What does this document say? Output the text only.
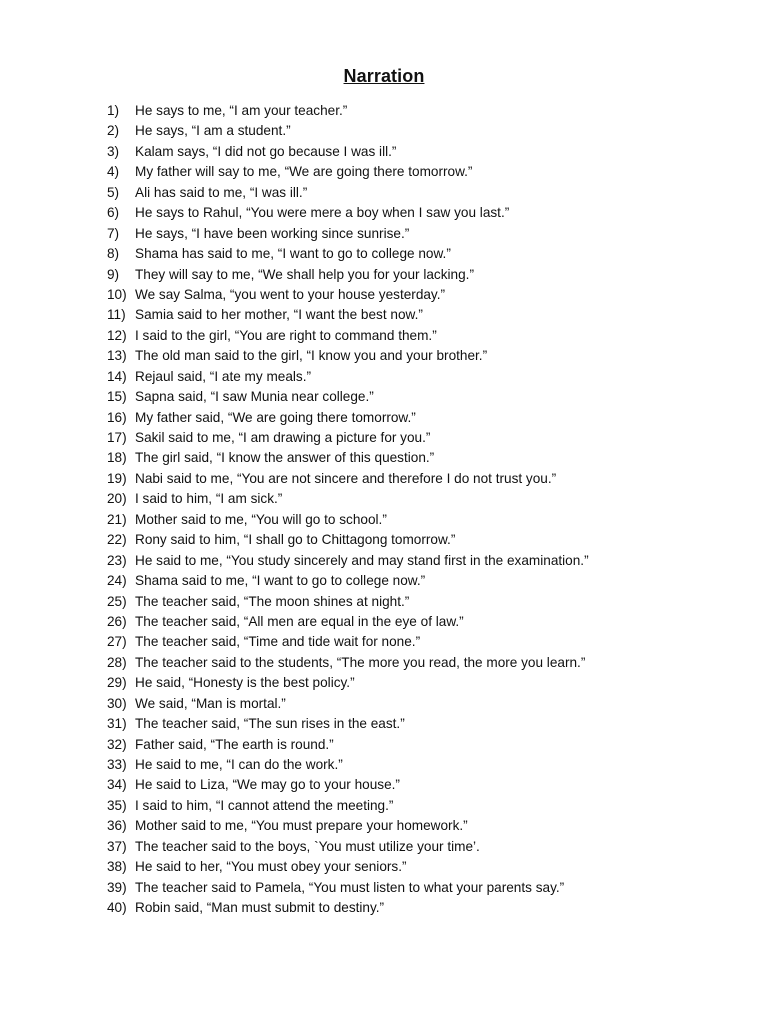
Narration
1) He says to me, “I am your teacher.”
2) He says, “I am a student.”
3) Kalam says, “I did not go because I was ill.”
4) My father will say to me, “We are going there tomorrow.”
5) Ali has said to me, “I was ill.”
6) He says to Rahul, “You were mere a boy when I saw you last.”
7) He says, “I have been working since sunrise.”
8) Shama has said to me, “I want to go to college now.”
9) They will say to me, “We shall help you for your lacking.”
10) We say Salma, “you went to your house yesterday.”
11) Samia said to her mother, “I want the best now.”
12) I said to the girl, “You are right to command them.”
13) The old man said to the girl, “I know you and your brother.”
14) Rejaul said, “I ate my meals.”
15) Sapna said, “I saw Munia near college.”
16) My father said, “We are going there tomorrow.”
17) Sakil said to me, “I am drawing a picture for you.”
18) The girl said, “I know the answer of this question.”
19) Nabi said to me, “You are not sincere and therefore I do not trust you.”
20) I said to him, “I am sick.”
21) Mother said to me, “You will go to school.”
22) Rony said to him, “I shall go to Chittagong tomorrow.”
23) He said to me, “You study sincerely and may stand first in the examination.”
24) Shama said to me, “I want to go to college now.”
25) The teacher said, “The moon shines at night.”
26) The teacher said, “All men are equal in the eye of law.”
27) The teacher said, “Time and tide wait for none.”
28) The teacher said to the students, “The more you read, the more you learn.”
29) He said, “Honesty is the best policy.”
30) We said, “Man is mortal.”
31) The teacher said, “The sun rises in the east.”
32) Father said, “The earth is round.”
33) He said to me, “I can do the work.”
34) He said to Liza, “We may go to your house.”
35) I said to him, “I cannot attend the meeting.”
36) Mother said to me, “You must prepare your homework.”
37) The teacher said to the boys, `You must utilize your time’.
38) He said to her, “You must obey your seniors.”
39) The teacher said to Pamela, “You must listen to what your parents say.”
40) Robin said, “Man must submit to destiny.”
